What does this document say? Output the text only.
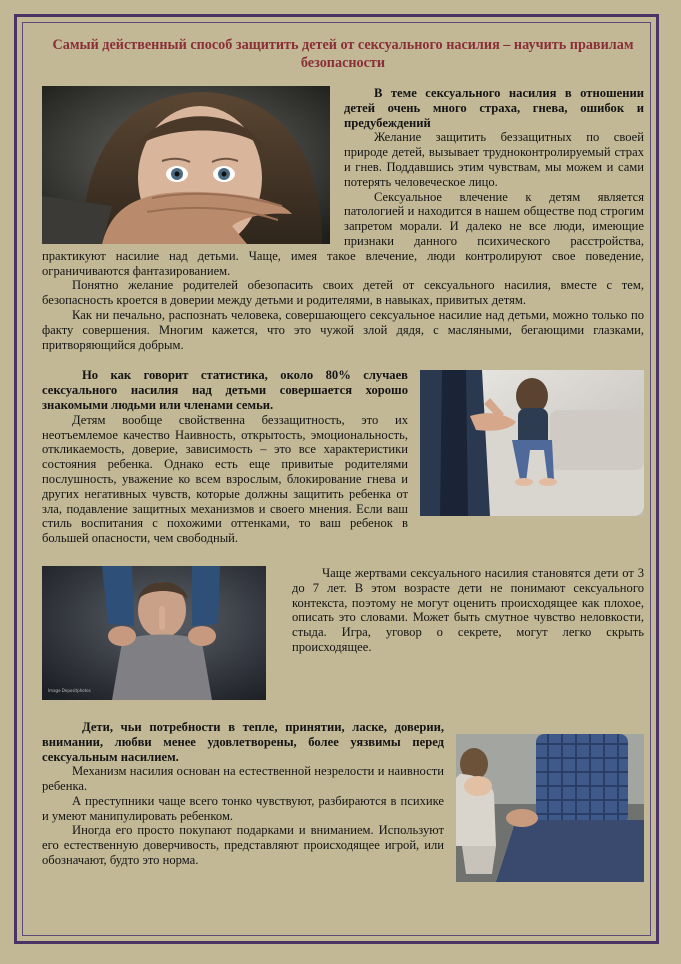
Самый действенный способ защитить детей от сексуального насилия – научить правилам безопасности

В теме сексуального насилия в отношении детей очень много страха, гнева, ошибок и предубеждений

Желание защитить беззащитных по своей природе детей, вызывает трудноконтролируемый страх и гнев. Поддавшись этим чувствам, мы можем и сами потерять человеческое лицо.

Сексуальное влечение к детям является патологией и находится в нашем обществе под строгим запретом морали. И далеко не все люди, имеющие признаки данного психического расстройства, практикуют насилие над детьми. Чаще, имея такое влечение, люди контролируют свое поведение, ограничиваются фантазированием.

Понятно желание родителей обезопасить своих детей от сексуального насилия, вместе с тем, безопасность кроется в доверии между детьми и родителями, в навыках, привитых детям.

Как ни печально, распознать человека, совершающего сексуальное насилие над детьми, можно только по факту совершения. Многим кажется, что это чужой злой дядя, с масляными, бегающими глазками, притворяющийся добрым.

Но как говорит статистика, около 80% случаев сексуального насилия над детьми совершается хорошо знакомыми людьми или членами семьи.

Детям вообще свойственна беззащитность, это их неотъемлемое качество Наивность, открытость, эмоциональность, откликаемость, доверие, зависимость – это все характеристики состояния ребенка. Однако есть еще привитые родителями послушность, уважение ко всем взрослым, блокирование гнева и других негативных чувств, которые должны защитить ребенка от зла, подавление защитных механизмов и своего мнения. Если ваш стиль воспитания с похожими оттенками, то ваш ребенок в большей опасности, чем свободный.

Image Depositphotos

Чаще жертвами сексуального насилия становятся дети от 3 до 7 лет. В этом возрасте дети не понимают сексуального контекста, поэтому не могут оценить происходящее как плохое, описать это словами. Может быть смутное чувство неловкости, стыда. Игра, уговор о секрете, могут легко скрыть происходящее.

Дети, чьи потребности в тепле, принятии, ласке, доверии, внимании, любви менее удовлетворены, более уязвимы перед сексуальным насилием.

Механизм насилия основан на естественной незрелости и наивности ребенка.

А преступники чаще всего тонко чувствуют, разбираются в психике и умеют манипулировать ребенком.

Иногда его просто покупают подарками и вниманием. Используют его естественную доверчивость, представляют происходящее игрой, или обозначают, будто это норма.
